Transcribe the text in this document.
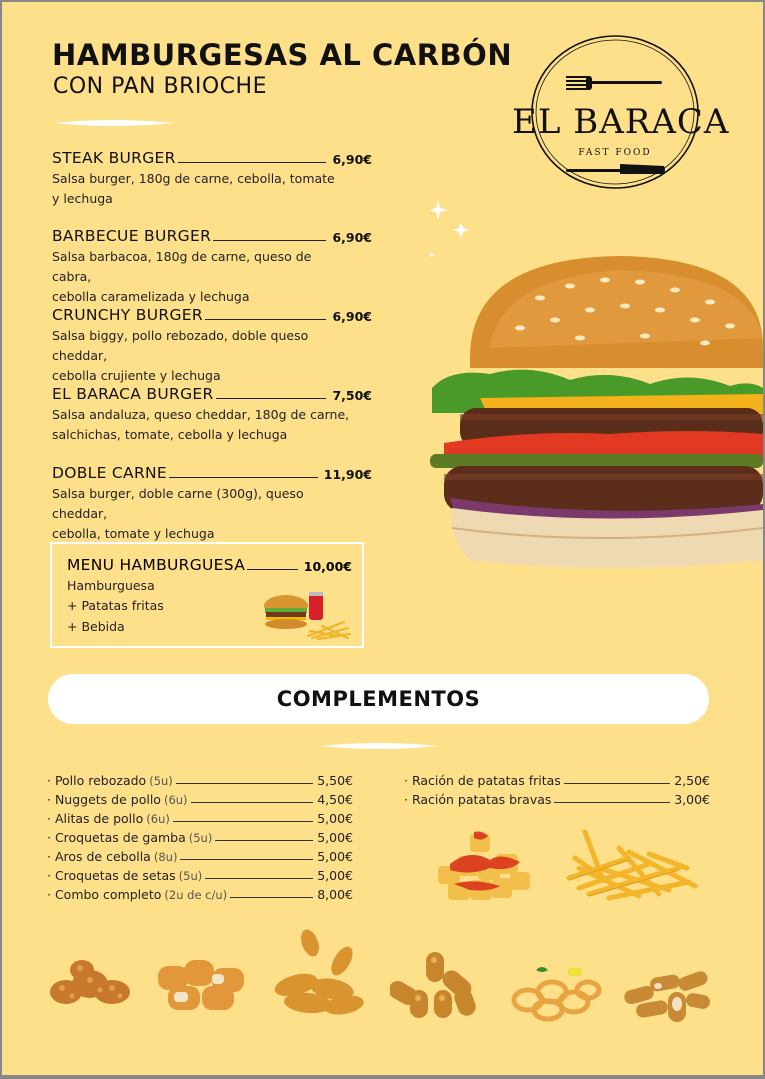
HAMBURGESAS AL CARBÓN
CON PAN BRIOCHE
EL BARACA
FAST FOOD
STEAK BURGER	6,90€
Salsa burger, 180g de carne, cebolla, tomate
y lechuga
BARBECUE BURGER	6,90€
Salsa barbacoa, 180g de carne, queso de cabra,
cebolla caramelizada y lechuga
CRUNCHY BURGER	6,90€
Salsa biggy, pollo rebozado, doble queso cheddar,
cebolla crujiente y lechuga
EL BARACA BURGER	7,50€
Salsa andaluza, queso cheddar, 180g de carne,
salchichas, tomate, cebolla y lechuga
DOBLE CARNE	11,90€
Salsa burger, doble carne (300g), queso cheddar,
cebolla, tomate y lechuga
MENU HAMBURGUESA	10,00€
Hamburguesa
+ Patatas fritas
+ Bebida
COMPLEMENTOS
· Pollo rebozado (5u)	5,50€
· Nuggets de pollo (6u)	4,50€
· Alitas de pollo (6u)	5,00€
· Croquetas de gamba (5u)	5,00€
· Aros de cebolla (8u)	5,00€
· Croquetas de setas (5u)	5,00€
· Combo completo (2u de c/u)	8,00€
· Ración de patatas fritas	2,50€
· Ración patatas bravas	3,00€
